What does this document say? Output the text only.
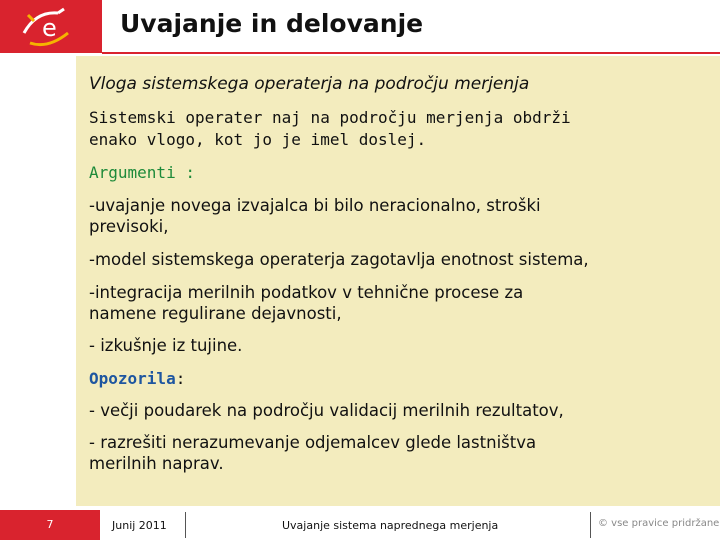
e	Uvajanje in delovanje
Vloga sistemskega operaterja na področju merjenja
Sistemski operater naj na področju merjenja obdrži
enako vlogo, kot jo je imel doslej.
Argumenti :
-uvajanje novega izvajalca bi bilo neracionalno, stroški
previsoki,
-model sistemskega operaterja zagotavlja enotnost sistema,
-integracija merilnih podatkov v tehnične procese za
namene regulirane dejavnosti,
- izkušnje iz tujine.
Opozorila:
- večji poudarek na področju validacij merilnih rezultatov,
- razrešiti nerazumevanje odjemalcev glede lastništva
merilnih naprav.
7	Junij 2011	Uvajanje sistema naprednega merjenja	© vse pravice pridržane
